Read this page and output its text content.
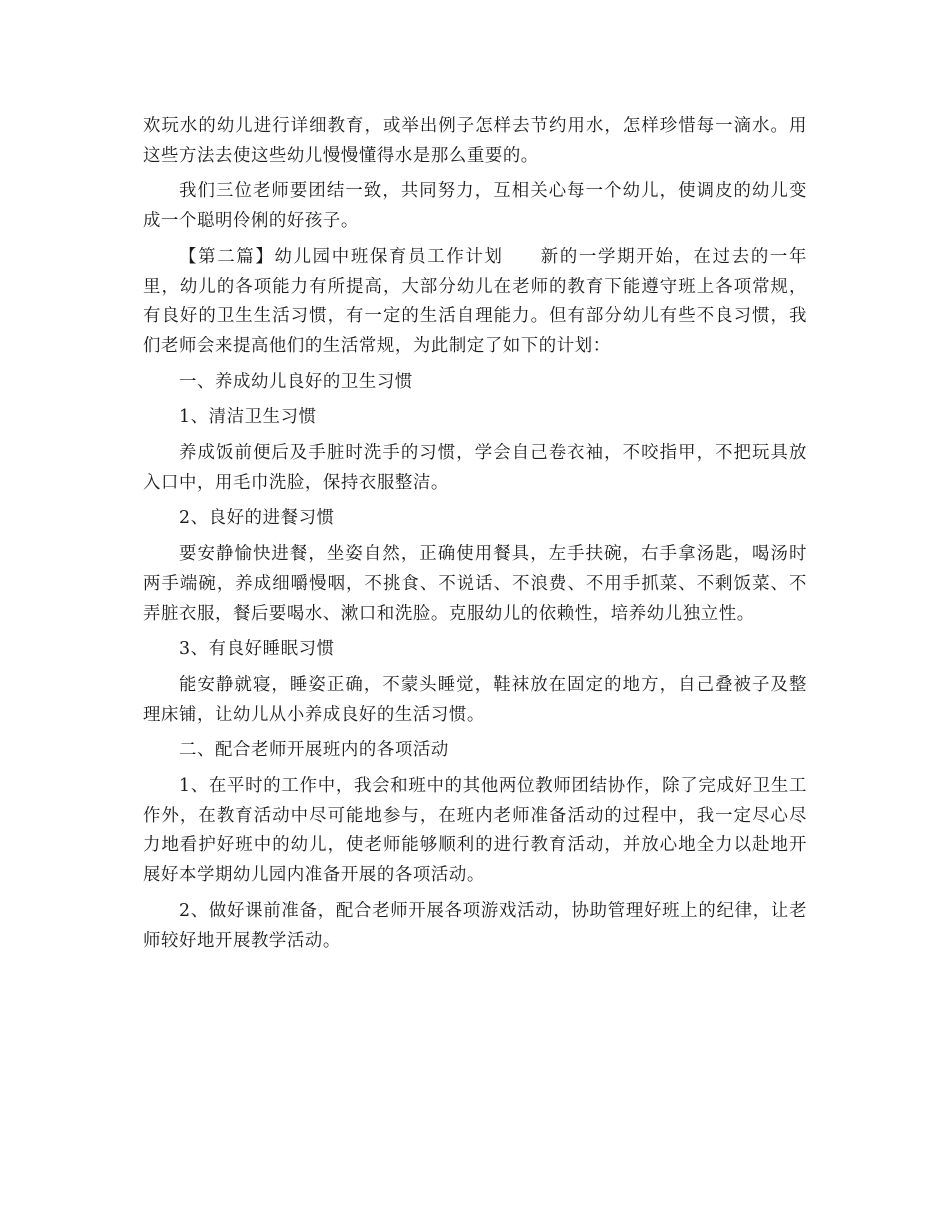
欢玩水的幼儿进行详细教育，或举出例子怎样去节约用水，怎样珍惜每一滴水。用这些方法去使这些幼儿慢慢懂得水是那么重要的。

我们三位老师要团结一致，共同努力，互相关心每一个幼儿，使调皮的幼儿变成一个聪明伶俐的好孩子。

【第二篇】幼儿园中班保育员工作计划 新的一学期开始，在过去的一年里，幼儿的各项能力有所提高，大部分幼儿在老师的教育下能遵守班上各项常规，有良好的卫生生活习惯，有一定的生活自理能力。但有部分幼儿有些不良习惯，我们老师会来提高他们的生活常规，为此制定了如下的计划：

一、养成幼儿良好的卫生习惯

1、清洁卫生习惯

养成饭前便后及手脏时洗手的习惯，学会自己卷衣袖，不咬指甲，不把玩具放入口中，用毛巾洗脸，保持衣服整洁。

2、良好的进餐习惯

要安静愉快进餐，坐姿自然，正确使用餐具，左手扶碗，右手拿汤匙，喝汤时两手端碗，养成细嚼慢咽，不挑食、不说话、不浪费、不用手抓菜、不剩饭菜、不弄脏衣服，餐后要喝水、漱口和洗脸。克服幼儿的依赖性，培养幼儿独立性。

3、有良好睡眠习惯

能安静就寝，睡姿正确，不蒙头睡觉，鞋袜放在固定的地方，自己叠被子及整理床铺，让幼儿从小养成良好的生活习惯。

二、配合老师开展班内的各项活动

1、在平时的工作中，我会和班中的其他两位教师团结协作，除了完成好卫生工作外，在教育活动中尽可能地参与，在班内老师准备活动的过程中，我一定尽心尽力地看护好班中的幼儿，使老师能够顺利的进行教育活动，并放心地全力以赴地开展好本学期幼儿园内准备开展的各项活动。

2、做好课前准备，配合老师开展各项游戏活动，协助管理好班上的纪律，让老师较好地开展教学活动。
